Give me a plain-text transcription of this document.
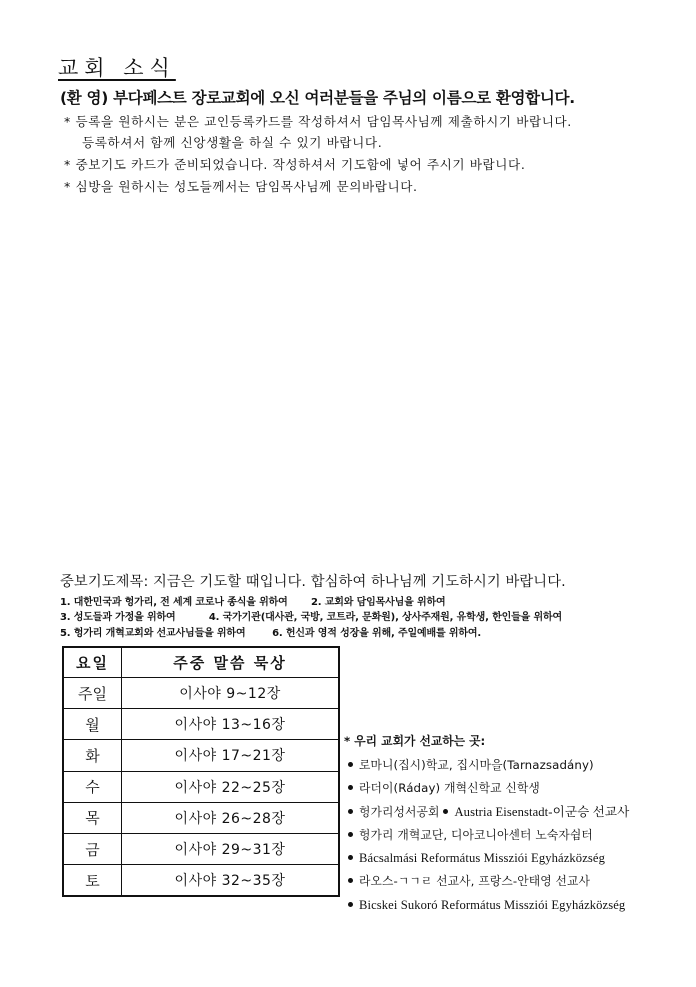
교회 소식
(환 영) 부다페스트 장로교회에 오신 여러분들을 주님의 이름으로 환영합니다.
* 등록을 원하시는 분은 교인등록카드를 작성하셔서 담임목사님께 제출하시기 바랍니다.
등록하셔서 함께 신앙생활을 하실 수 있기 바랍니다.
* 중보기도 카드가 준비되었습니다. 작성하셔서 기도함에 넣어 주시기 바랍니다.
* 심방을 원하시는 성도들께서는 담임목사님께 문의바랍니다.
중보기도제목: 지금은 기도할 때입니다. 합심하여 하나님께 기도하시기 바랍니다.
1. 대한민국과 헝가리, 전 세계 코로나 종식을 위하여       2. 교회와 담임목사님을 위하여
3. 성도들과 가정을 위하여          4. 국가기관(대사관, 국방, 코트라, 문화원), 상사주재원, 유학생, 한인들을 위하여
5. 헝가리 개혁교회와 선교사님들을 위하여        6. 헌신과 영적 성장을 위해, 주일예배를 위하여.
요일	주중 말씀 묵상
주일	이사야 9~12장
월	이사야 13~16장
화	이사야 17~21장
수	이사야 22~25장
목	이사야 26~28장
금	이사야 29~31장
토	이사야 32~35장
* 우리 교회가 선교하는 곳:
로마니(집시)학교, 집시마을(Tarnazsadány)
라더이(Ráday) 개혁신학교 신학생
헝가리성서공회 Austria Eisenstadt-이군승 선교사
헝가리 개혁교단, 디아코니아센터 노숙자쉼터
Bácsalmási Református Missziói Egyházközség
라오스-ㄱㄱㄹ 선교사, 프랑스-안태영 선교사
Bicskei Sukoró Református Missziói Egyházközség
